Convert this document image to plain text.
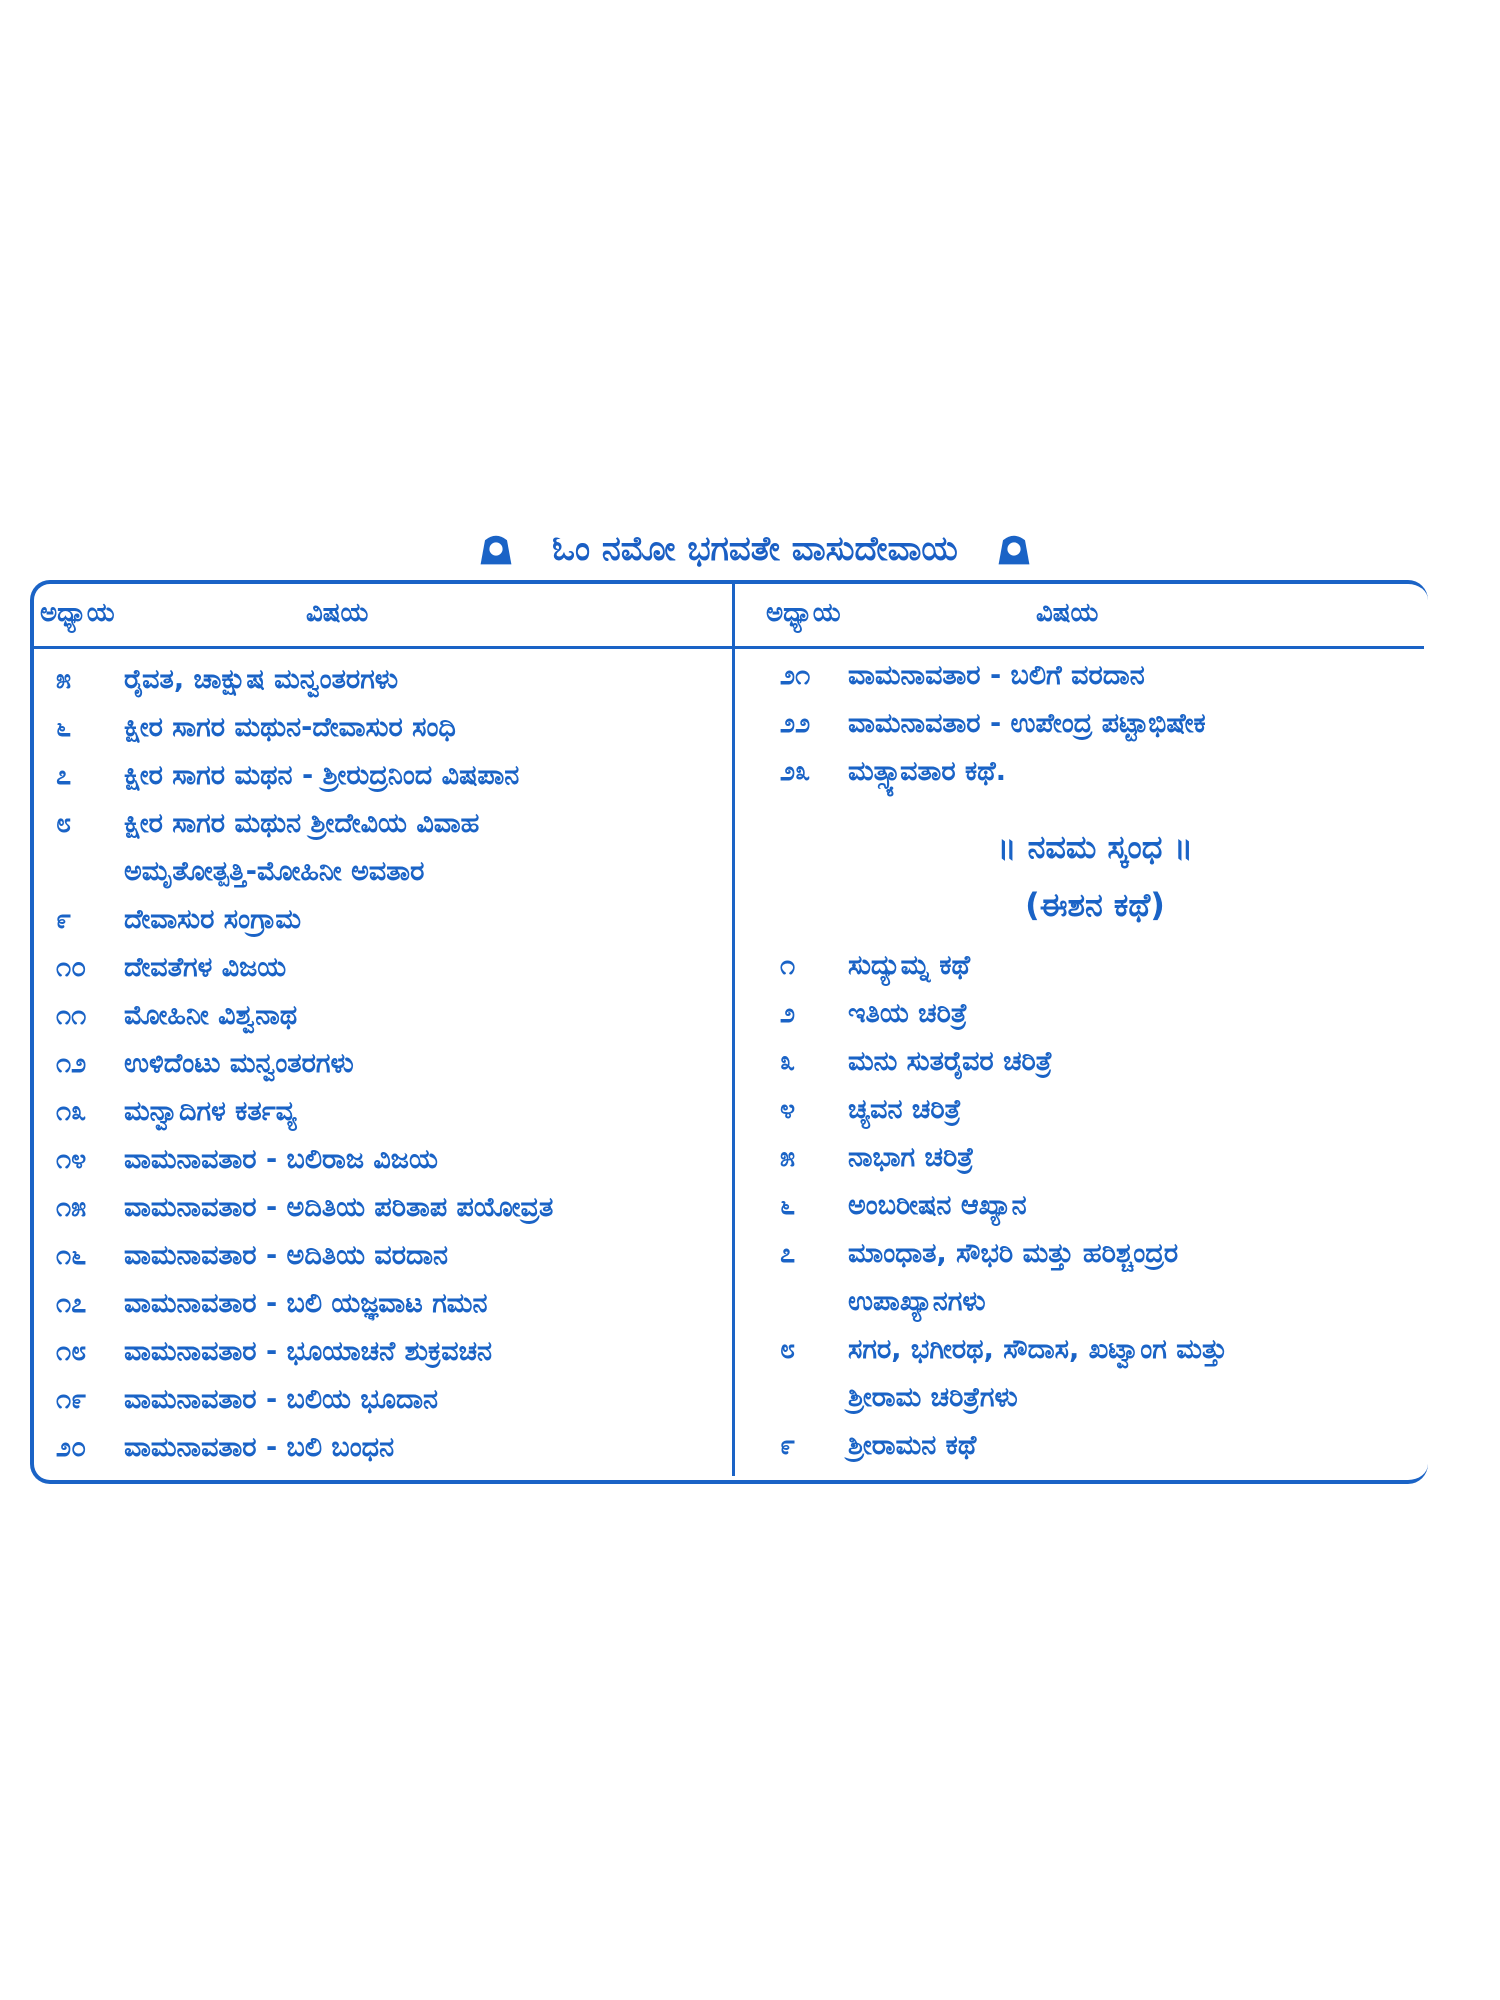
ಓಂ ನಮೋ ಭಗವತೇ ವಾಸುದೇವಾಯ
ಅಧ್ಯಾಯ	ವಿಷಯ	ಅಧ್ಯಾಯ	ವಿಷಯ
೫	ರೈವತ, ಚಾಕ್ಷುಷ ಮನ್ವಂತರಗಳು
೬	ಕ್ಷೀರ ಸಾಗರ ಮಥುನ-ದೇವಾಸುರ ಸಂಧಿ
೭	ಕ್ಷೀರ ಸಾಗರ ಮಥನ - ಶ್ರೀರುದ್ರನಿಂದ ವಿಷಪಾನ
೮	ಕ್ಷೀರ ಸಾಗರ ಮಥುನ ಶ್ರೀದೇವಿಯ ವಿವಾಹ
ಅಮೃತೋತ್ಪತ್ತಿ-ಮೋಹಿನೀ ಅವತಾರ
೯	ದೇವಾಸುರ ಸಂಗ್ರಾಮ
೧೦	ದೇವತೆಗಳ ವಿಜಯ
೧೧	ಮೋಹಿನೀ ವಿಶ್ವನಾಥ
೧೨	ಉಳಿದೆಂಟು ಮನ್ವಂತರಗಳು
೧೩	ಮನ್ವಾದಿಗಳ ಕರ್ತವ್ಯ
೧೪	ವಾಮನಾವತಾರ - ಬಲಿರಾಜ ವಿಜಯ
೧೫	ವಾಮನಾವತಾರ - ಅದಿತಿಯ ಪರಿತಾಪ ಪಯೋವ್ರತ
೧೬	ವಾಮನಾವತಾರ - ಅದಿತಿಯ ವರದಾನ
೧೭	ವಾಮನಾವತಾರ - ಬಲಿ ಯಜ್ಞವಾಟ ಗಮನ
೧೮	ವಾಮನಾವತಾರ - ಭೂಯಾಚನೆ ಶುಕ್ರವಚನ
೧೯	ವಾಮನಾವತಾರ - ಬಲಿಯ ಭೂದಾನ
೨೦	ವಾಮನಾವತಾರ - ಬಲಿ ಬಂಧನ
೨೧	ವಾಮನಾವತಾರ - ಬಲಿಗೆ ವರದಾನ
೨೨	ವಾಮನಾವತಾರ - ಉಪೇಂದ್ರ ಪಟ್ಟಾಭಿಷೇಕ
೨೩	ಮತ್ಸ್ಯಾವತಾರ ಕಥೆ.
೧	ಸುದ್ಯುಮ್ನ ಕಥೆ
೨	ಇತಿಯ ಚರಿತ್ರೆ
೩	ಮನು ಸುತರೈವರ ಚರಿತ್ರೆ
೪	ಚ್ಯವನ ಚರಿತ್ರೆ
೫	ನಾಭಾಗ ಚರಿತ್ರೆ
೬	ಅಂಬರೀಷನ ಆಖ್ಯಾನ
೭	ಮಾಂಧಾತ, ಸೌಭರಿ ಮತ್ತು ಹರಿಶ್ಚಂದ್ರರ
ಉಪಾಖ್ಯಾನಗಳು
೮	ಸಗರ, ಭಗೀರಥ, ಸೌದಾಸ, ಖಟ್ವಾಂಗ ಮತ್ತು
ಶ್ರೀರಾಮ ಚರಿತ್ರೆಗಳು
೯	ಶ್ರೀರಾಮನ ಕಥೆ
॥ ನವಮ ಸ್ಕಂಧ ॥
(ಈಶನ ಕಥೆ)
